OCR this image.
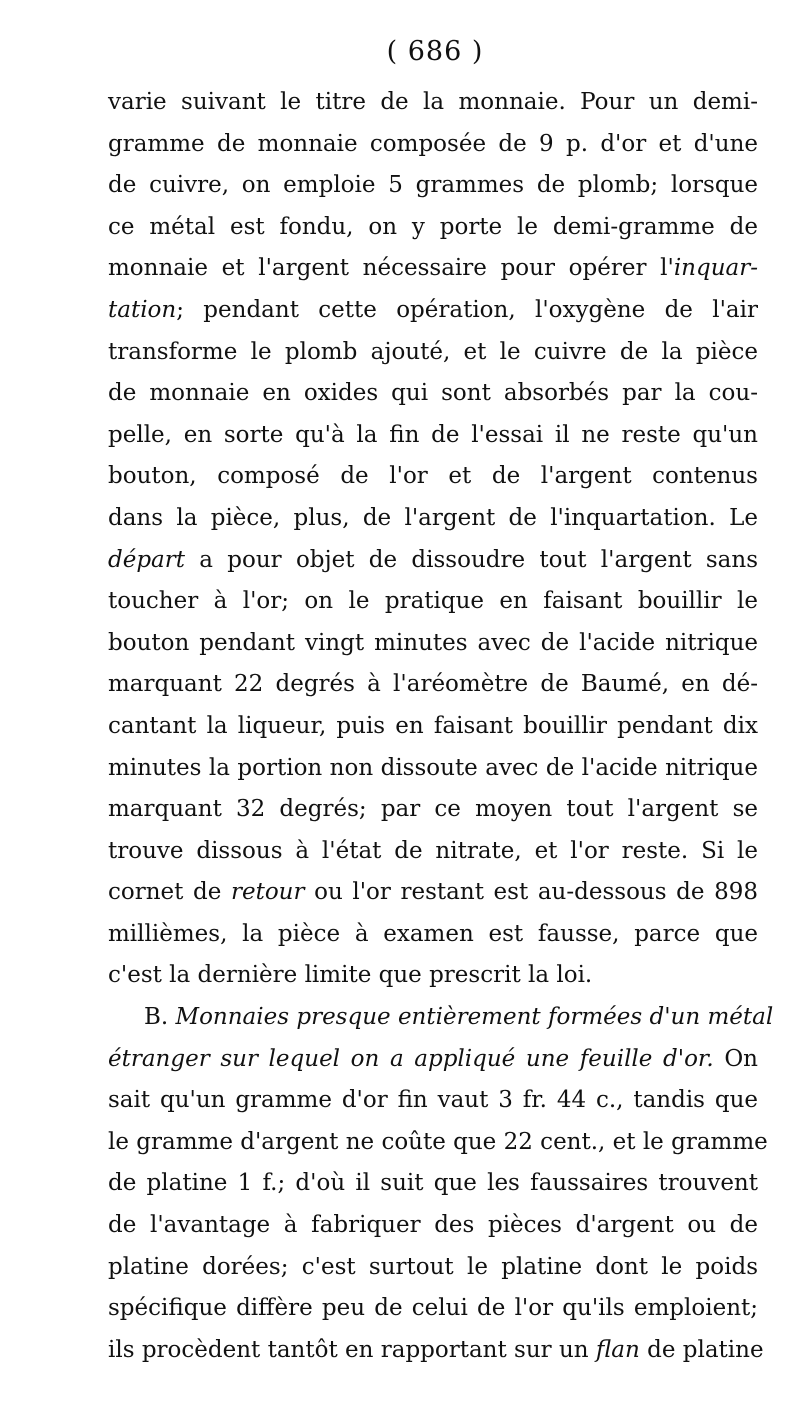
( 686 )
varie suivant le titre de la monnaie. Pour un demi-
gramme de monnaie composée de 9 p. d'or et d'une
de cuivre, on emploie 5 grammes de plomb; lorsque
ce métal est fondu, on y porte le demi-gramme de
monnaie et l'argent nécessaire pour opérer l'inquar-
tation; pendant cette opération, l'oxygène de l'air
transforme le plomb ajouté, et le cuivre de la pièce
de monnaie en oxides qui sont absorbés par la cou-
pelle, en sorte qu'à la fin de l'essai il ne reste qu'un
bouton, composé de l'or et de l'argent contenus
dans la pièce, plus, de l'argent de l'inquartation. Le
départ a pour objet de dissoudre tout l'argent sans
toucher à l'or; on le pratique en faisant bouillir le
bouton pendant vingt minutes avec de l'acide nitrique
marquant 22 degrés à l'aréomètre de Baumé, en dé-
cantant la liqueur, puis en faisant bouillir pendant dix
minutes la portion non dissoute avec de l'acide nitrique
marquant 32 degrés; par ce moyen tout l'argent se
trouve dissous à l'état de nitrate, et l'or reste. Si le
cornet de retour ou l'or restant est au-dessous de 898
millièmes, la pièce à examen est fausse, parce que
c'est la dernière limite que prescrit la loi.
B. Monnaies presque entièrement formées d'un métal
étranger sur lequel on a appliqué une feuille d'or. On
sait qu'un gramme d'or fin vaut 3 fr. 44 c., tandis que
le gramme d'argent ne coûte que 22 cent., et le gramme
de platine 1 f.; d'où il suit que les faussaires trouvent
de l'avantage à fabriquer des pièces d'argent ou de
platine dorées; c'est surtout le platine dont le poids
spécifique diffère peu de celui de l'or qu'ils emploient;
ils procèdent tantôt en rapportant sur un flan de platine
